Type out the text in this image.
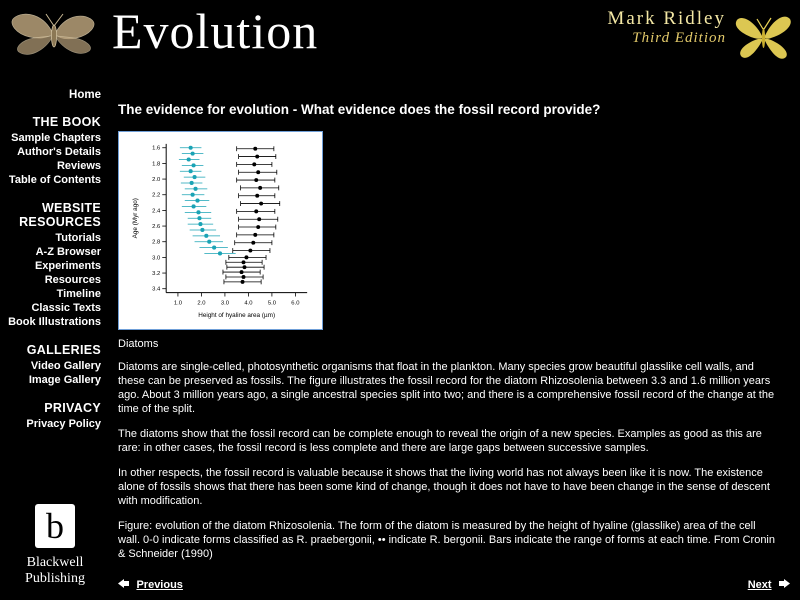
Evolution	Mark Ridley
Third Edition
Home
THE BOOK
Sample Chapters
Author's Details
Reviews
Table of Contents
WEBSITE RESOURCES
Tutorials
A-Z Browser
Experiments
Resources
Timeline
Classic Texts
Book Illustrations
GALLERIES
Video Gallery
Image Gallery
PRIVACY
Privacy Policy
b
Blackwell
Publishing
The evidence for evolution - What evidence does the fossil record provide?
1.6
1.8
2.0
2.2
2.4
2.6
2.8
3.0
3.2
3.4
1.0	2.0	3.0	4.0	5.0	6.0
Height of hyaline area (µm)
Age (Myr ago)
Diatoms

Diatoms are single-celled, photosynthetic organisms that float in the plankton. Many species grow beautiful glasslike cell walls, and these can be preserved as fossils. The figure illustrates the fossil record for the diatom Rhizosolenia between 3.3 and 1.6 million years ago. About 3 million years ago, a single ancestral species split into two; and there is a comprehensive fossil record of the change at the time of the split.

The diatoms show that the fossil record can be complete enough to reveal the origin of a new species. Examples as good as this are rare: in other cases, the fossil record is less complete and there are large gaps between successive samples.

In other respects, the fossil record is valuable because it shows that the living world has not always been like it is now. The existence alone of fossils shows that there has been some kind of change, though it does not have to have been change in the sense of descent with modification.

Figure: evolution of the diatom Rhizosolenia. The form of the diatom is measured by the height of hyaline (glasslike) area of the cell wall. 0-0 indicate forms classified as R. praebergonii, •• indicate R. bergonii. Bars indicate the range of forms at each time. From Cronin & Schneider (1990)

Previous	Next
